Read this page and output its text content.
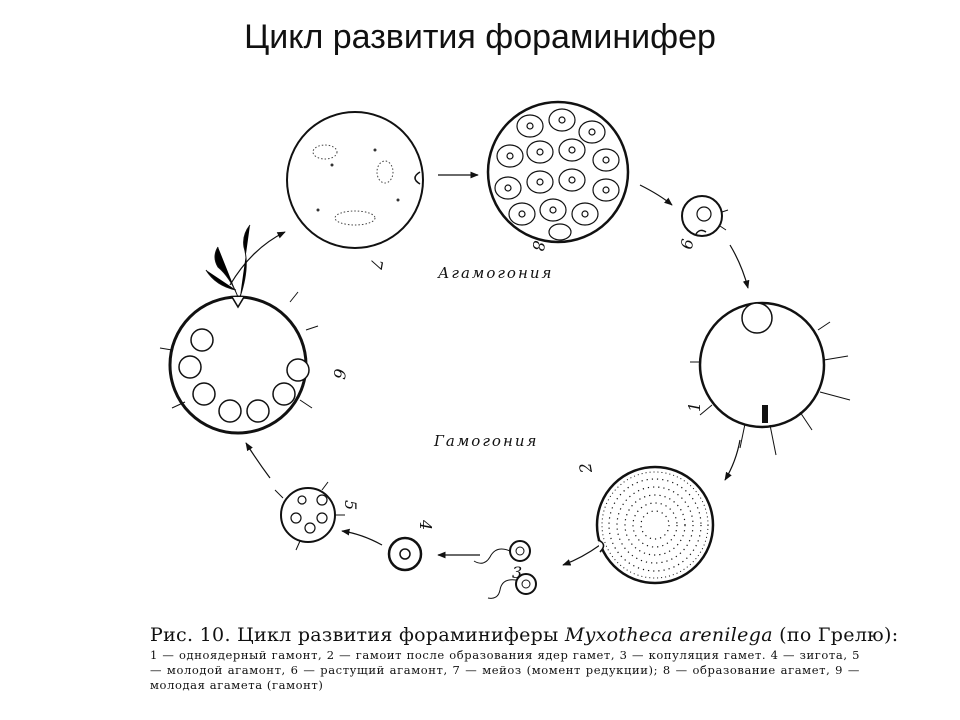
Цикл развития фораминифер
1
2
3
4
5
6
7
8	9
Агамогония
Гамогония
Рис. 10. Цикл развития фораминиферы Myxotheca arenilega (по Грелю):
1 — одноядерный гамонт, 2 — гамоит после образования ядер гамет, 3 — копуляция гамет. 4 — зигота, 5 — молодой агамонт, 6 — растущий агамонт, 7 — мейоз (момент редукции); 8 — образование агамет, 9 — молодая агамета (гамонт)
